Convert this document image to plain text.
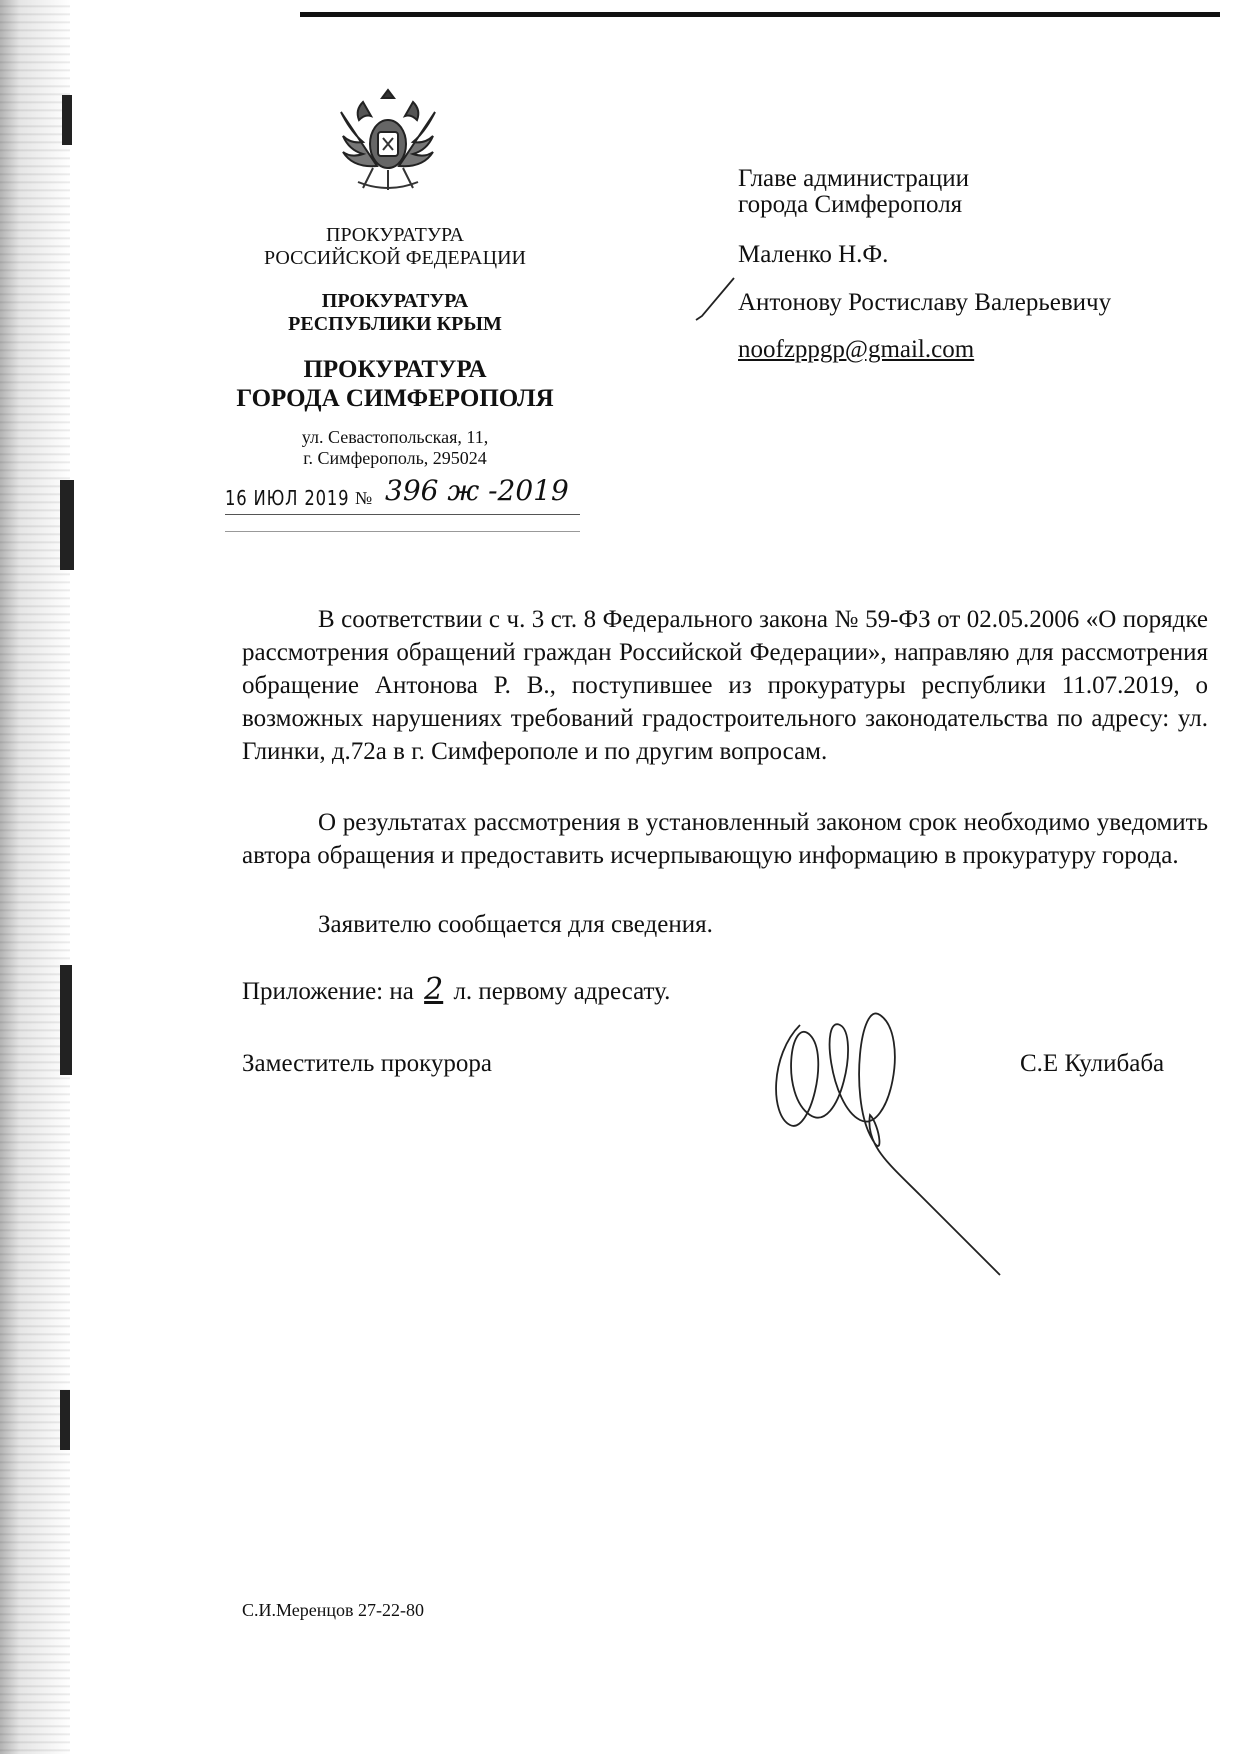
ПРОКУРАТУРА
РОССИЙСКОЙ ФЕДЕРАЦИИ
ПРОКУРАТУРА
РЕСПУБЛИКИ КРЫМ
ПРОКУРАТУРА
ГОРОДА СИМФЕРОПОЛЯ
ул. Севастопольская, 11,
г. Симферополь, 295024
16 ИЮЛ 2019 № 396 ж -2019
Главе администрации
города Симферополя
Маленко Н.Ф.
Антонову Ростиславу Валерьевичу
noofzppgp@gmail.com
В соответствии с ч. 3 ст. 8 Федерального закона № 59-ФЗ от 02.05.2006 «О порядке рассмотрения обращений граждан Российской Федерации», направляю для рассмотрения обращение Антонова Р. В., поступившее из прокуратуры республики 11.07.2019, о возможных нарушениях требований градостроительного законодательства по адресу: ул. Глинки, д.72а в г. Симферополе и по другим вопросам.
О результатах рассмотрения в установленный законом срок необходимо уведомить автора обращения и предоставить исчерпывающую информацию в прокуратуру города.
Заявителю сообщается для сведения.
Приложение: на 2 л. первому адресату.
Заместитель прокурора	С.Е Кулибаба
С.И.Меренцов 27-22-80
